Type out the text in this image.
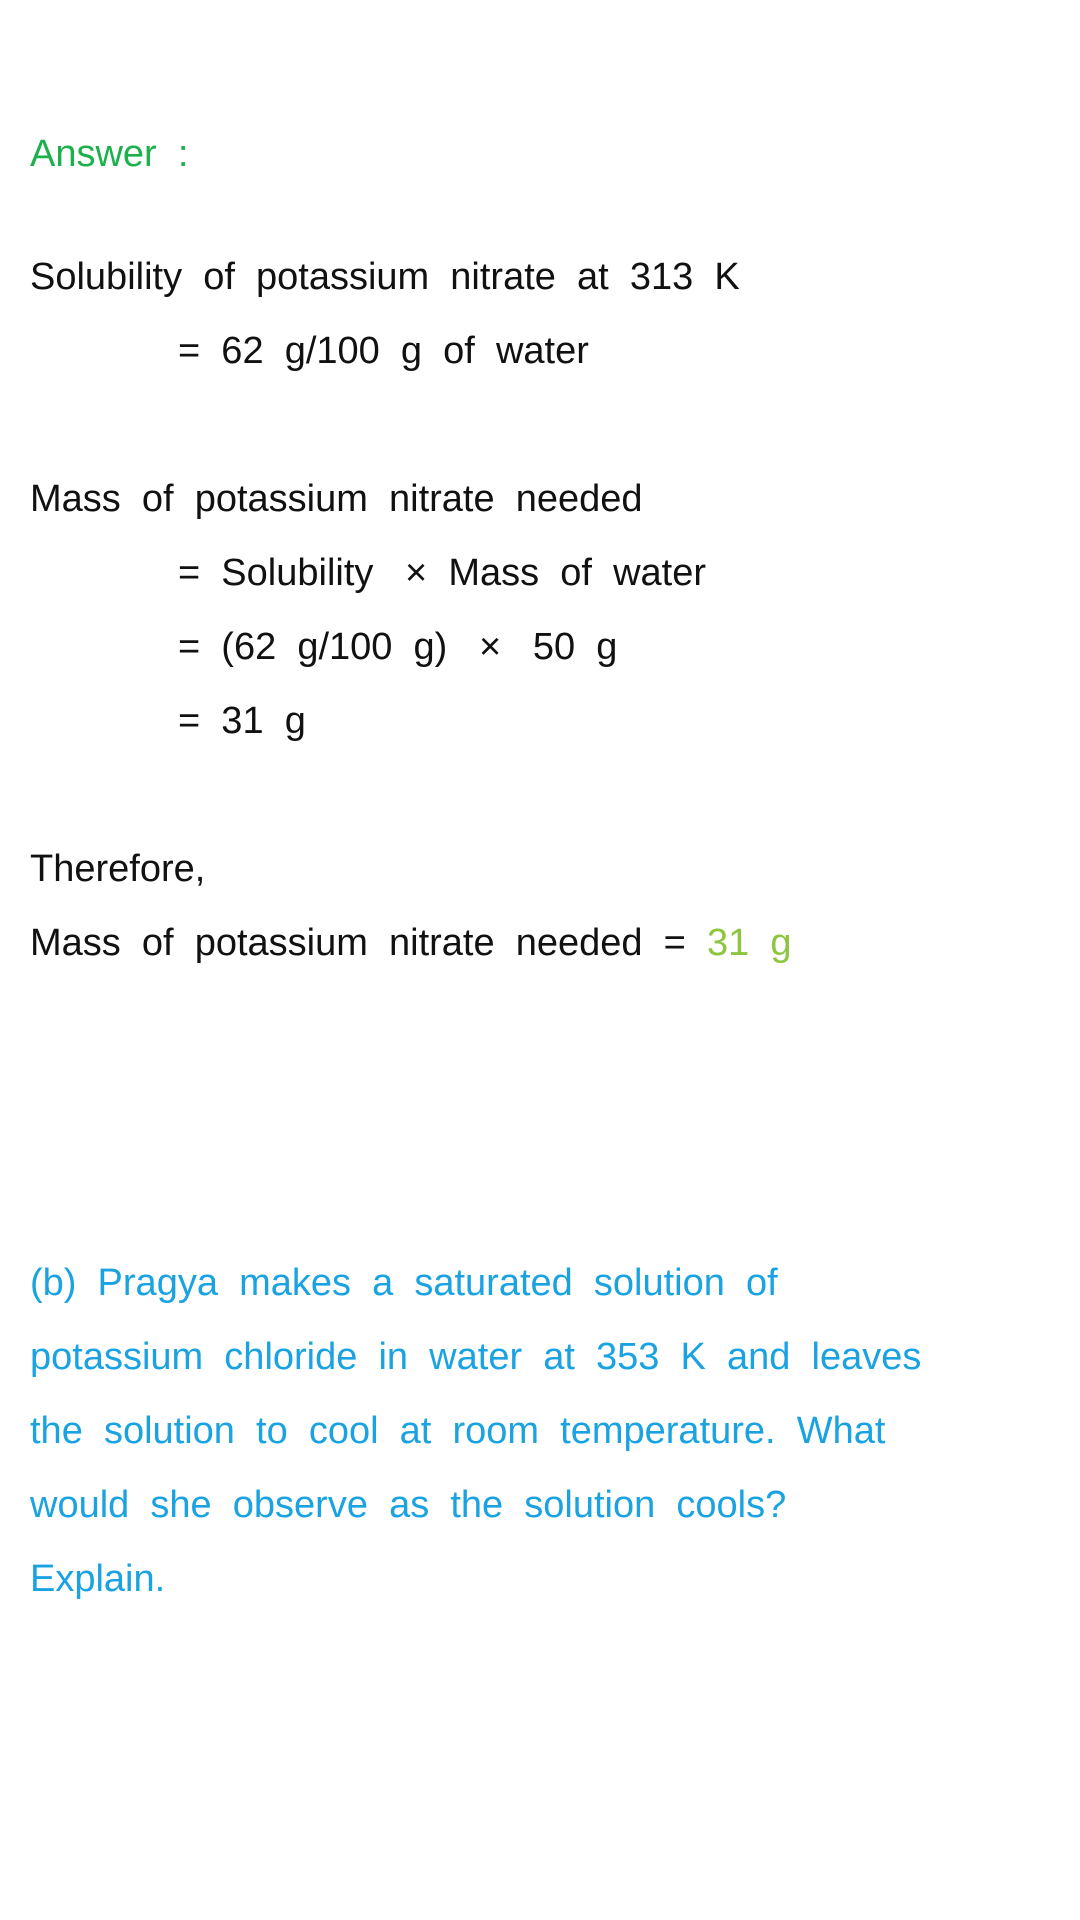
Answer  :
Solubility  of  potassium  nitrate  at  313  K
=  62  g/100  g  of  water
Mass  of  potassium  nitrate  needed
=  Solubility   ×  Mass  of  water
=  (62  g/100  g)   ×   50  g
=  31  g
Therefore,
Mass  of  potassium  nitrate  needed  =  31  g
(b)  Pragya  makes  a  saturated  solution  of
potassium  chloride  in  water  at  353  K  and  leaves
the  solution  to  cool  at  room  temperature.  What
would  she  observe  as  the  solution  cools?
Explain.
